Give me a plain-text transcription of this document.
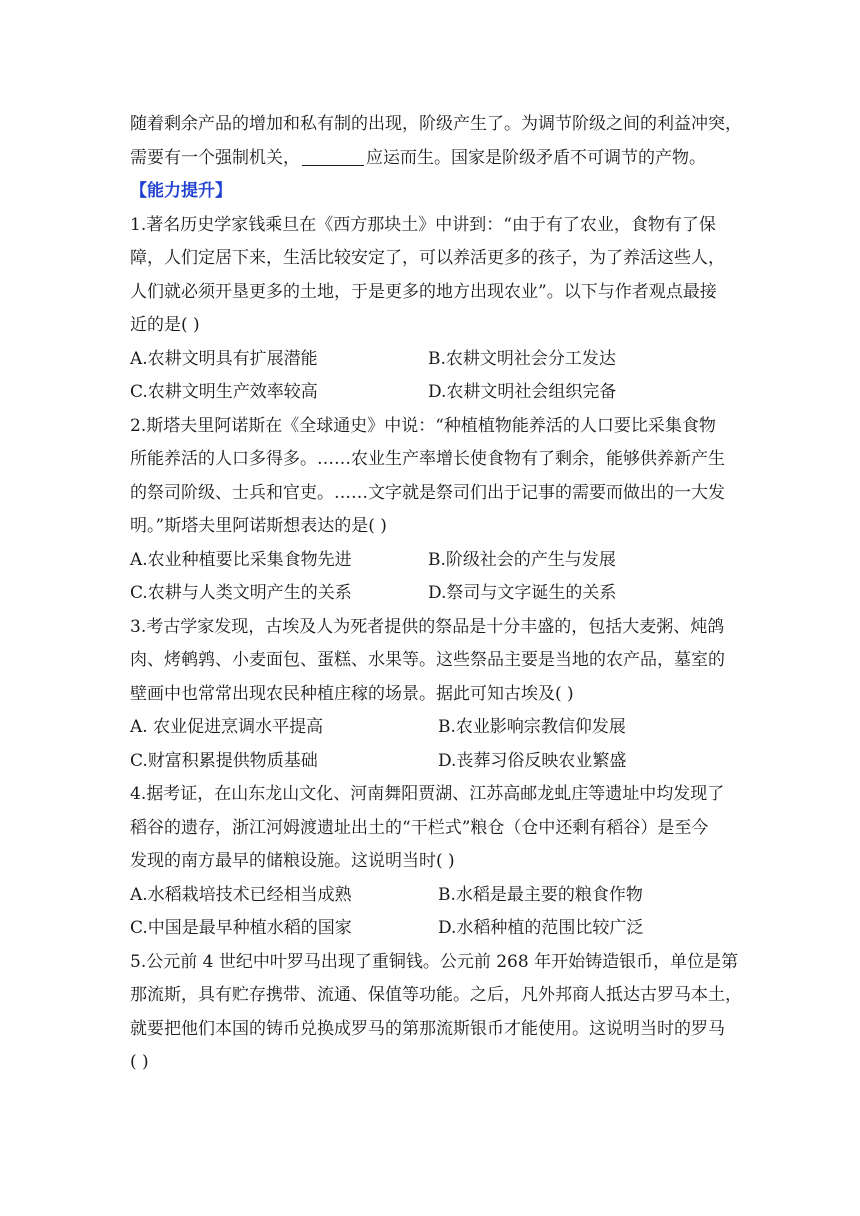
随着剩余产品的增加和私有制的出现，阶级产生了。为调节阶级之间的利益冲突，
需要有一个强制机关，	应运而生。国家是阶级矛盾不可调节的产物。
【能力提升】
1.著名历史学家钱乘旦在《西方那块土》中讲到：“由于有了农业，食物有了保
障，人们定居下来，生活比较安定了，可以养活更多的孩子，为了养活这些人，
人们就必须开垦更多的土地，于是更多的地方出现农业”。以下与作者观点最接
近的是( )
A.农耕文明具有扩展潜能	B.农耕文明社会分工发达
C.农耕文明生产效率较高	D.农耕文明社会组织完备
2.斯塔夫里阿诺斯在《全球通史》中说：“种植植物能养活的人口要比采集食物
所能养活的人口多得多。……农业生产率增长使食物有了剩余，能够供养新产生
的祭司阶级、士兵和官吏。……文字就是祭司们出于记事的需要而做出的一大发
明。”斯塔夫里阿诺斯想表达的是( )
A.农业种植要比采集食物先进	B.阶级社会的产生与发展
C.农耕与人类文明产生的关系	D.祭司与文字诞生的关系
3.考古学家发现，古埃及人为死者提供的祭品是十分丰盛的，包括大麦粥、炖鸽
肉、烤鹌鹑、小麦面包、蛋糕、水果等。这些祭品主要是当地的农产品，墓室的
壁画中也常常出现农民种植庄稼的场景。据此可知古埃及( )
A. 农业促进烹调水平提高	B.农业影响宗教信仰发展
C.财富积累提供物质基础	D.丧葬习俗反映农业繁盛
4.据考证，在山东龙山文化、河南舞阳贾湖、江苏高邮龙虬庄等遗址中均发现了
稻谷的遗存，浙江河姆渡遗址出土的“干栏式”粮仓（仓中还剩有稻谷）是至今
发现的南方最早的储粮设施。这说明当时( )
A.水稻栽培技术已经相当成熟	B.水稻是最主要的粮食作物
C.中国是最早种植水稻的国家	D.水稻种植的范围比较广泛
5.公元前 4 世纪中叶罗马出现了重铜钱。公元前 268 年开始铸造银币，单位是第
那流斯，具有贮存携带、流通、保值等功能。之后，凡外邦商人抵达古罗马本土，
就要把他们本国的铸币兑换成罗马的第那流斯银币才能使用。这说明当时的罗马
( )
